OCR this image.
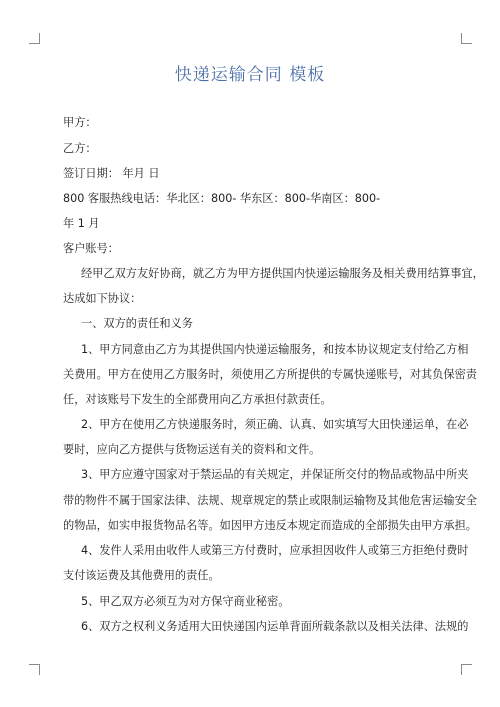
快递运输合同 模板
甲方：
乙方：
签订日期： 年月 日
800 客服热线电话：华北区：800- 华东区：800-华南区：800-
年 1 月
客户账号：
经甲乙双方友好协商，就乙方为甲方提供国内快递运输服务及相关费用结算事宜，
达成如下协议：
一、双方的责任和义务
1、甲方同意由乙方为其提供国内快递运输服务，和按本协议规定支付给乙方相
关费用。甲方在使用乙方服务时，须使用乙方所提供的专属快递账号，对其负保密责
任，对该账号下发生的全部费用向乙方承担付款责任。
2、甲方在使用乙方快递服务时，须正确、认真、如实填写大田快递运单，在必
要时，应向乙方提供与货物运送有关的资料和文件。
3、甲方应遵守国家对于禁运品的有关规定，并保证所交付的物品或物品中所夹
带的物件不属于国家法律、法规、规章规定的禁止或限制运输物及其他危害运输安全
的物品，如实申报货物品名等。如因甲方违反本规定而造成的全部损失由甲方承担。
4、发件人采用由收件人或第三方付费时，应承担因收件人或第三方拒绝付费时
支付该运费及其他费用的责任。
5、甲乙双方必须互为对方保守商业秘密。
6、双方之权利义务适用大田快递国内运单背面所载条款以及相关法律、法规的
